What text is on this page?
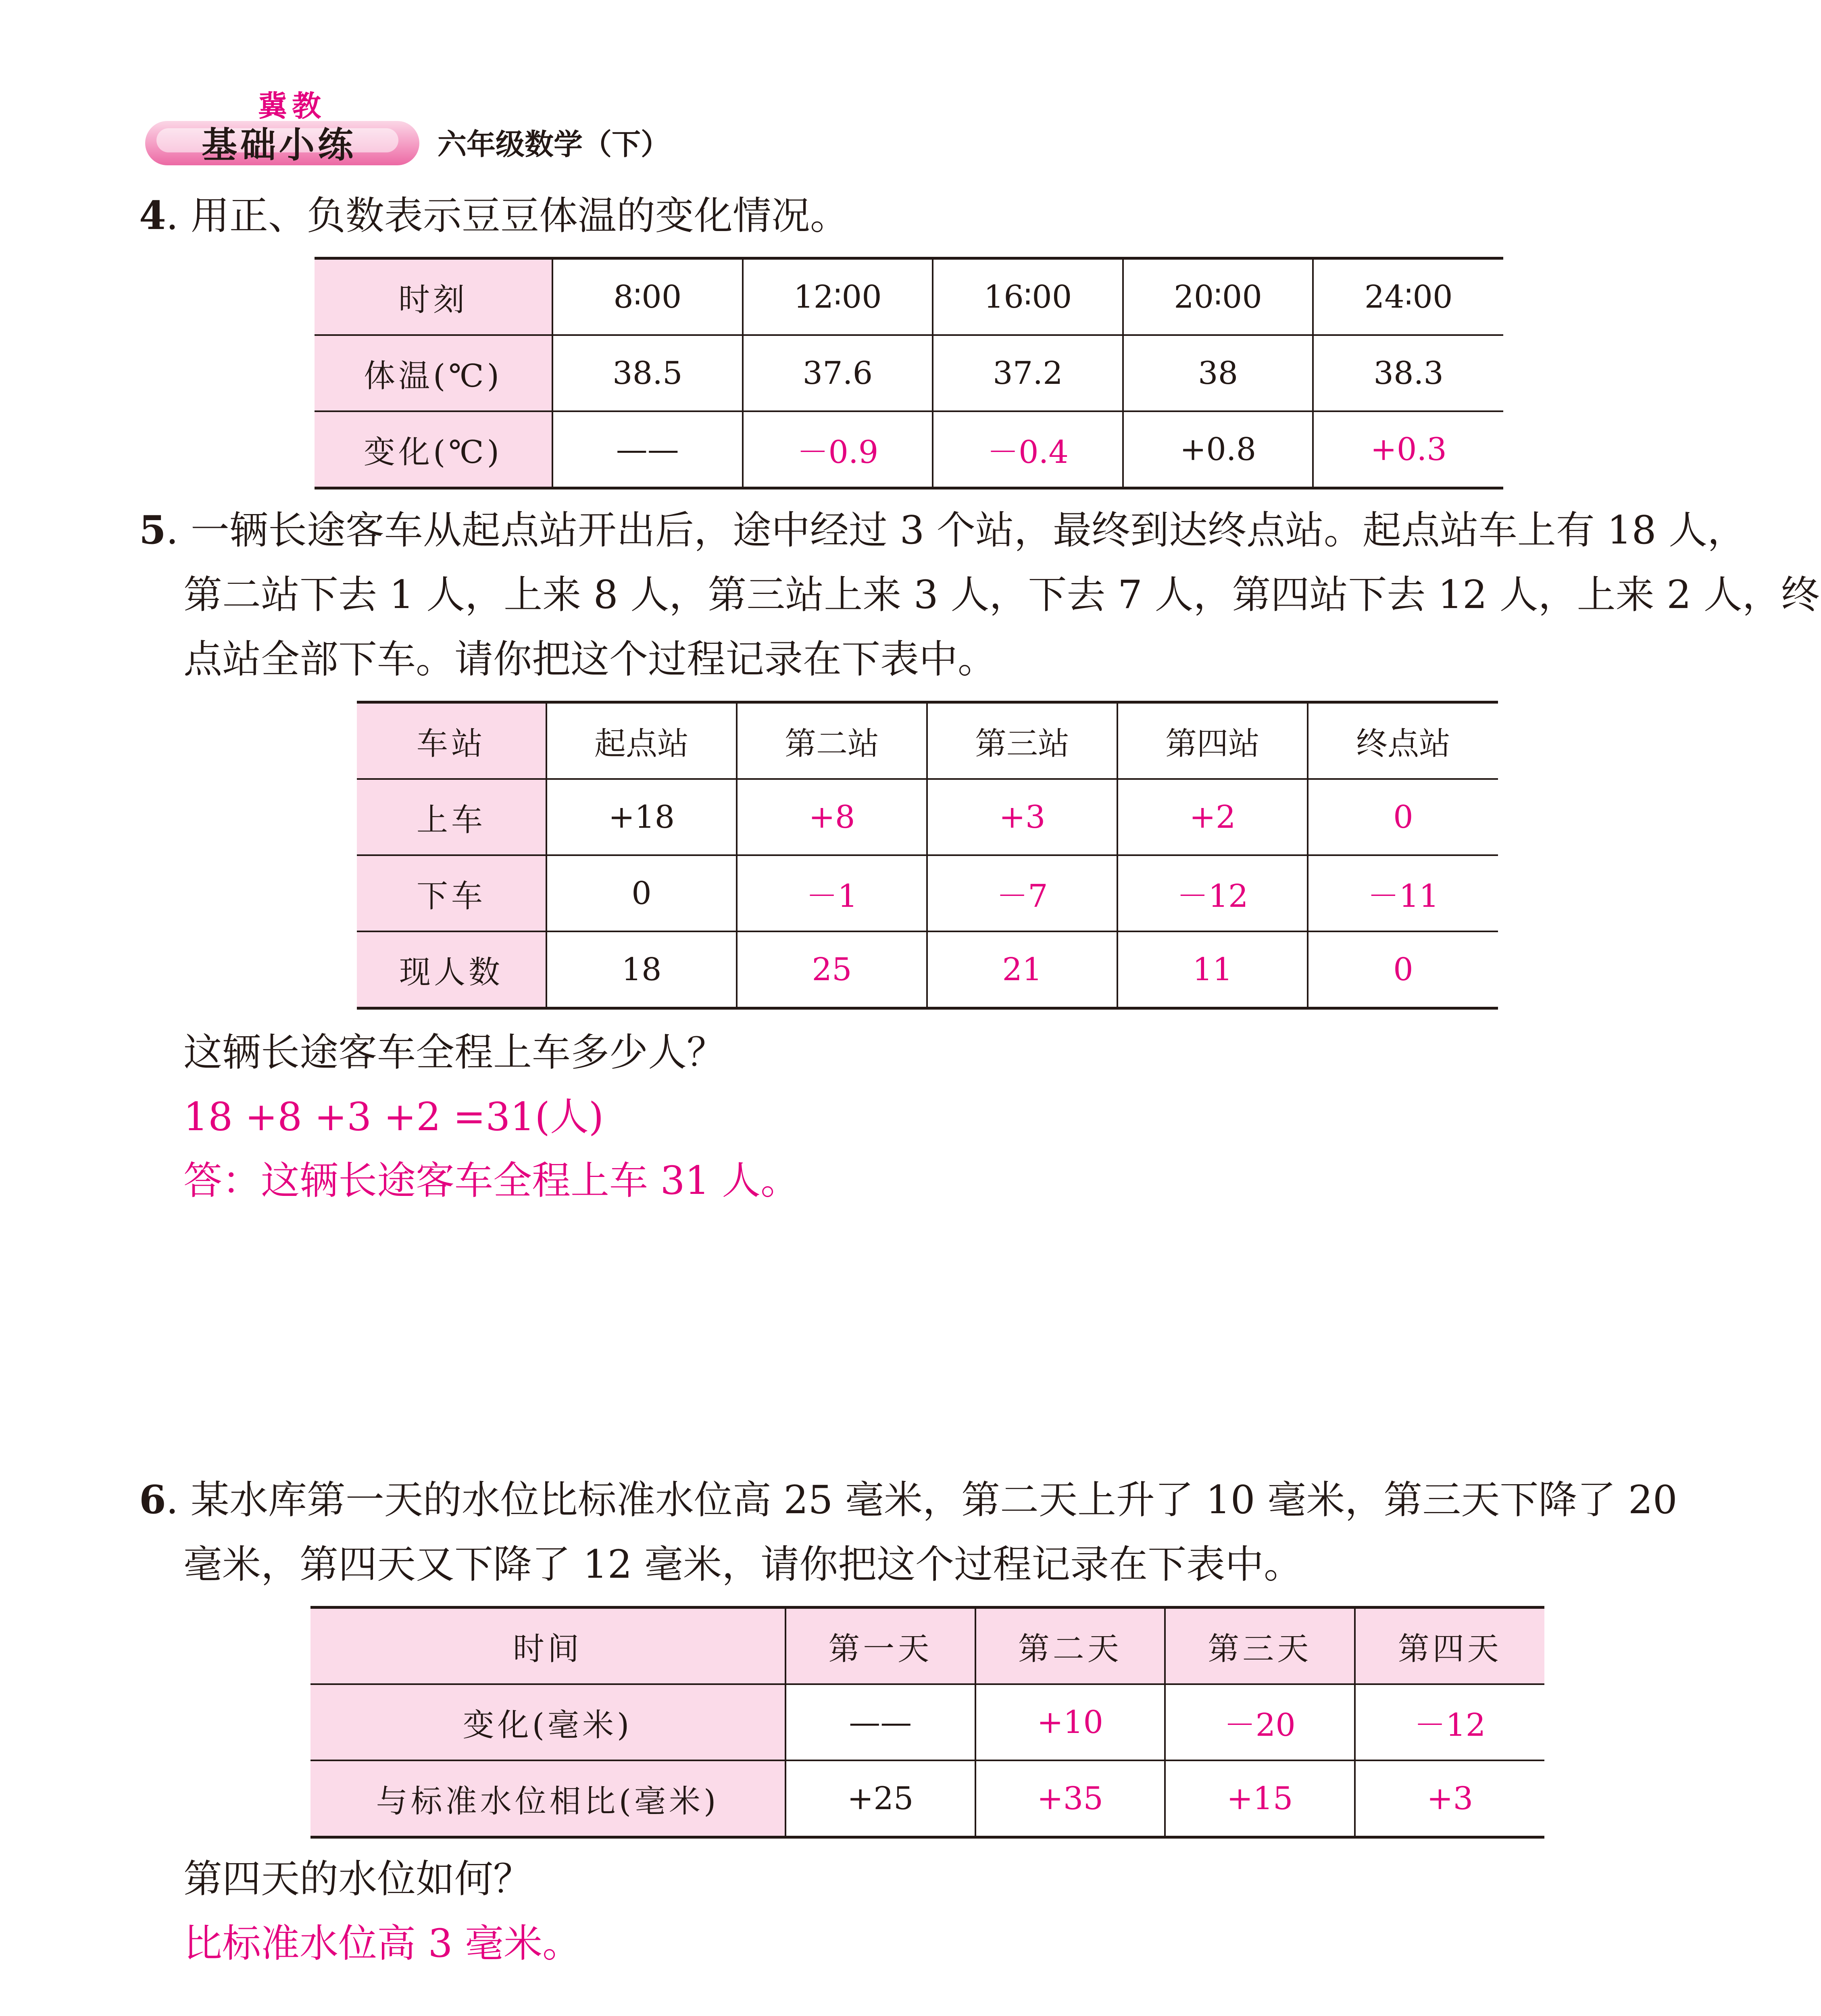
冀教
基础小练	六年级数学（下）
4. 用正、负数表示豆豆体温的变化情况。
时刻	8∶00	12∶00	16∶00	20∶00	24∶00
体温(℃)	38.5	37.6	37.2	38	38.3
变化(℃)	——	－0.9	－0.4	+0.8	+0.3
5. 一辆长途客车从起点站开出后，途中经过 3 个站，最终到达终点站。起点站车上有 18 人，
第二站下去 1 人，上来 8 人，第三站上来 3 人，下去 7 人，第四站下去 12 人，上来 2 人，终
点站全部下车。请你把这个过程记录在下表中。
车站	起点站	第二站	第三站	第四站	终点站
上车	+18	+8	+3	+2	0
下车	0	－1	－7	－12	－11
现人数	18	25	21	11	0
这辆长途客车全程上车多少人？
18 +8 +3 +2 =31(人)
答：这辆长途客车全程上车 31 人。
6. 某水库第一天的水位比标准水位高 25 毫米，第二天上升了 10 毫米，第三天下降了 20
毫米，第四天又下降了 12 毫米，请你把这个过程记录在下表中。
时间	第一天	第二天	第三天	第四天
变化(毫米)	——	+10	－20	－12
与标准水位相比(毫米)	+25	+35	+15	+3
第四天的水位如何？
比标准水位高 3 毫米。
